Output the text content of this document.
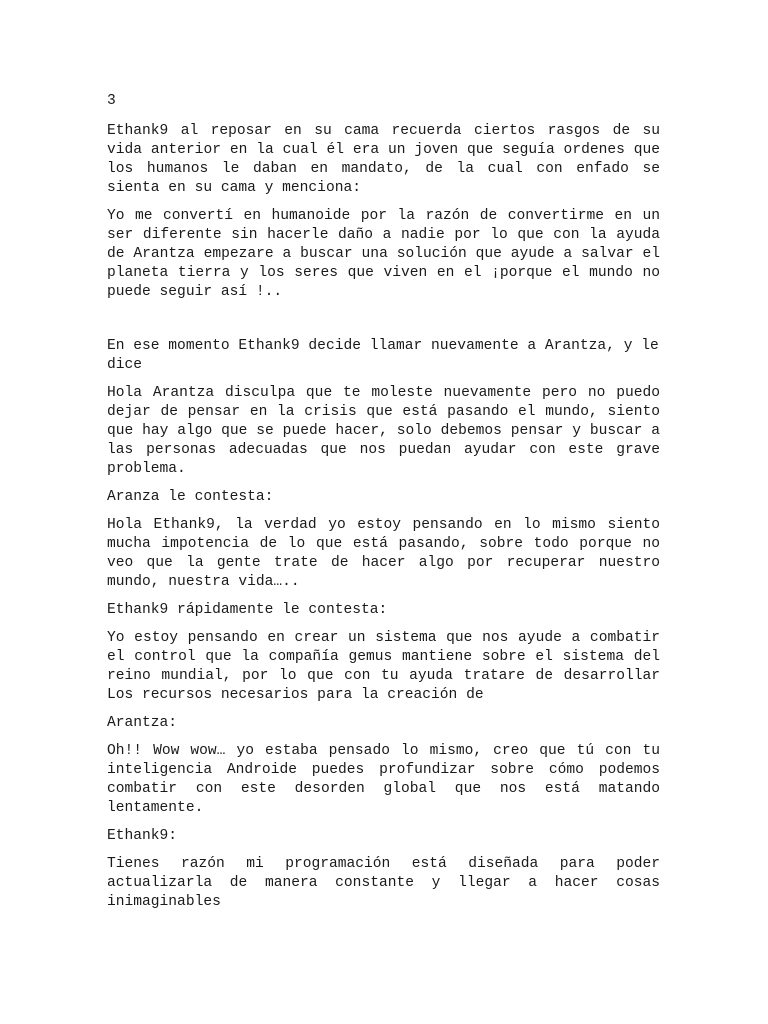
3

Ethank9 al reposar en su cama recuerda ciertos rasgos de su vida anterior en la cual él era un joven que seguía ordenes que los humanos le daban en mandato, de la cual con enfado se sienta en su cama y menciona:

Yo me convertí en humanoide por la razón de convertirme en un ser diferente sin hacerle daño a nadie por lo que con la ayuda de Arantza empezare a buscar una solución que ayude a salvar el planeta tierra y los seres que viven en el ¡porque el mundo no puede seguir así !..

En ese momento Ethank9 decide llamar nuevamente a Arantza, y le dice

Hola Arantza disculpa que te moleste nuevamente pero no puedo dejar de pensar en la crisis que está pasando el mundo, siento que hay algo que se puede hacer, solo debemos pensar y buscar a las personas adecuadas que nos puedan ayudar con este grave problema.

Aranza le contesta:

Hola Ethank9, la verdad yo estoy pensando en lo mismo siento mucha impotencia de lo que está pasando, sobre todo porque no veo que la gente trate de hacer algo por recuperar nuestro mundo, nuestra vida…..

Ethank9 rápidamente le contesta:

Yo estoy pensando en crear un sistema que nos ayude a combatir el control que la compañía gemus mantiene sobre el sistema del reino mundial, por lo que con tu ayuda tratare de desarrollar Los recursos necesarios para la creación de

Arantza:

Oh!! Wow wow… yo estaba pensado lo mismo, creo que tú con tu inteligencia Androide puedes profundizar sobre cómo podemos combatir con este desorden global que nos está matando lentamente.

Ethank9:

Tienes razón mi programación está diseñada para poder actualizarla de manera constante y llegar a hacer cosas inimaginables
